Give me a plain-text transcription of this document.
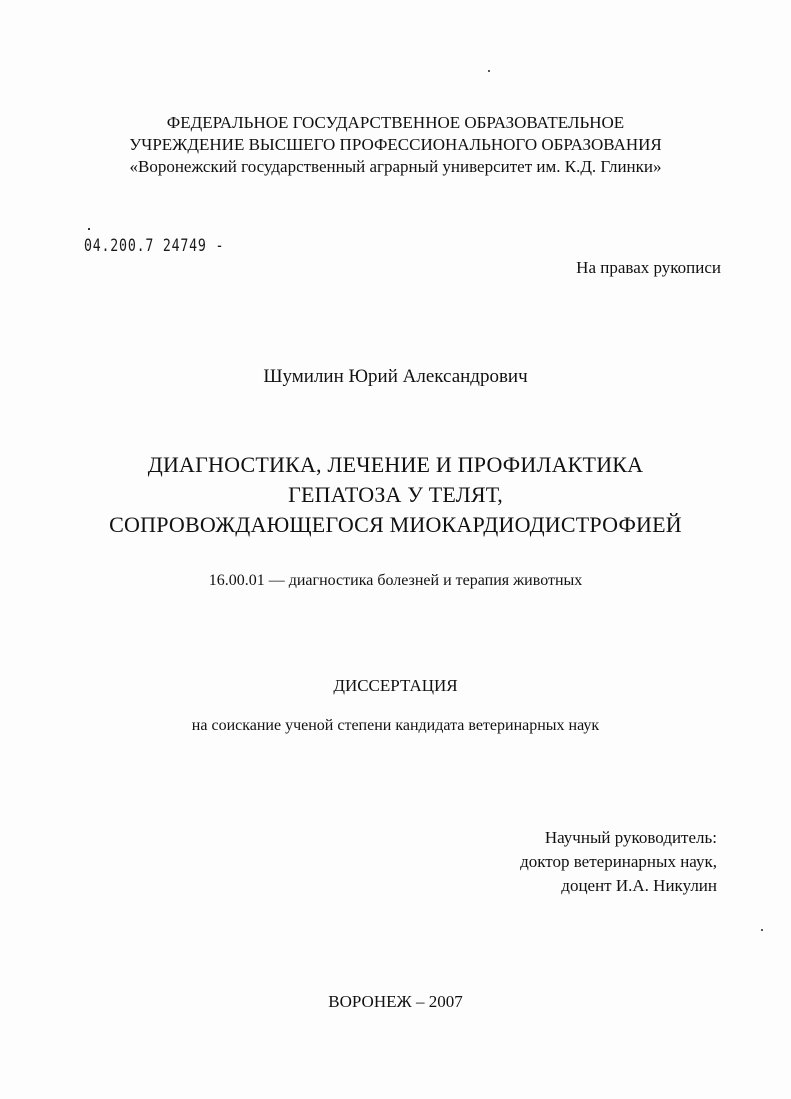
ФЕДЕРАЛЬНОЕ ГОСУДАРСТВЕННОЕ ОБРАЗОВАТЕЛЬНОЕ
УЧРЕЖДЕНИЕ ВЫСШЕГО ПРОФЕССИОНАЛЬНОГО ОБРАЗОВАНИЯ
«Воронежский государственный аграрный университет им. К.Д. Глинки»
04.200.7 24749 -
На правах рукописи
Шумилин Юрий Александрович
ДИАГНОСТИКА, ЛЕЧЕНИЕ И ПРОФИЛАКТИКА
ГЕПАТОЗА У ТЕЛЯТ,
СОПРОВОЖДАЮЩЕГОСЯ МИОКАРДИОДИСТРОФИЕЙ
16.00.01 — диагностика болезней и терапия животных
ДИССЕРТАЦИЯ
на соискание ученой степени кандидата ветеринарных наук
Научный руководитель:
доктор ветеринарных наук,
доцент И.А. Никулин
ВОРОНЕЖ – 2007
